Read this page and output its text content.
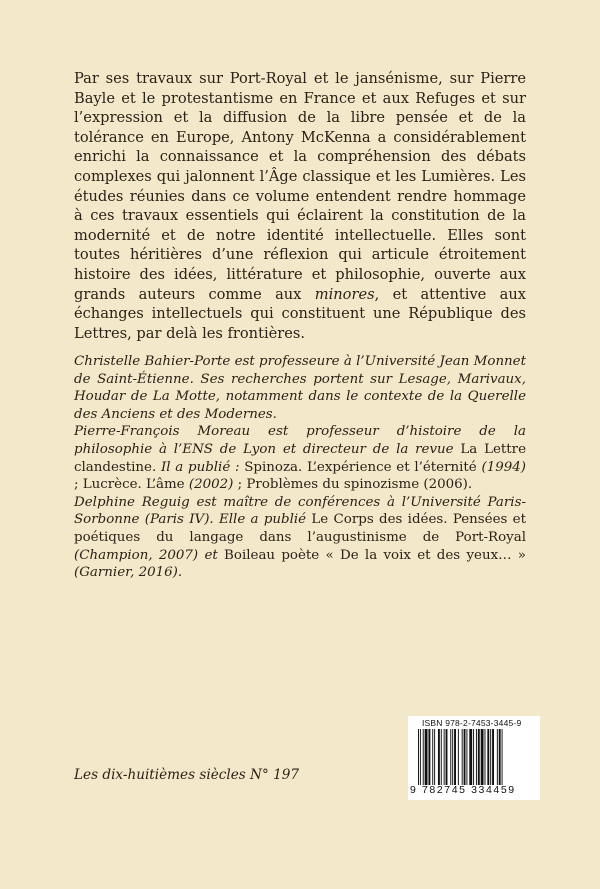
Par ses travaux sur Port-Royal et le jansénisme, sur Pierre Bayle et le protestantisme en France et aux Refuges et sur l’expression et la diffusion de la libre pensée et de la tolérance en Europe, Antony McKenna a considérablement enrichi la connaissance et la compréhension des débats complexes qui jalonnent l’Âge classique et les Lumières. Les études réunies dans ce volume entendent rendre hommage à ces travaux essentiels qui éclairent la constitution de la modernité et de notre identité intellectuelle. Elles sont toutes héritières d’une réflexion qui articule étroitement histoire des idées, littérature et philosophie, ouverte aux grands auteurs comme aux minores, et attentive aux échanges intellectuels qui constituent une République des Lettres, par delà les frontières.

Christelle Bahier-Porte est professeure à l’Université Jean Monnet de Saint-Étienne. Ses recherches portent sur Lesage, Marivaux, Houdar de La Motte, notamment dans le contexte de la Querelle des Anciens et des Modernes.

Pierre-François Moreau est professeur d’histoire de la philosophie à l’ENS de Lyon et directeur de la revue La Lettre clandestine. Il a publié : Spinoza. L’expérience et l’éternité (1994) ; Lucrèce. L’âme (2002) ; Problèmes du spinozisme (2006).

Delphine Reguig est maître de conférences à l’Université Paris-Sorbonne (Paris IV). Elle a publié Le Corps des idées. Pensées et poétiques du langage dans l’augustinisme de Port-Royal (Champion, 2007) et Boileau poète « De la voix et des yeux… » (Garnier, 2016).

Les dix-huitièmes siècles N° 197
ISBN 978-2-7453-3445-9
9 782745 334459
